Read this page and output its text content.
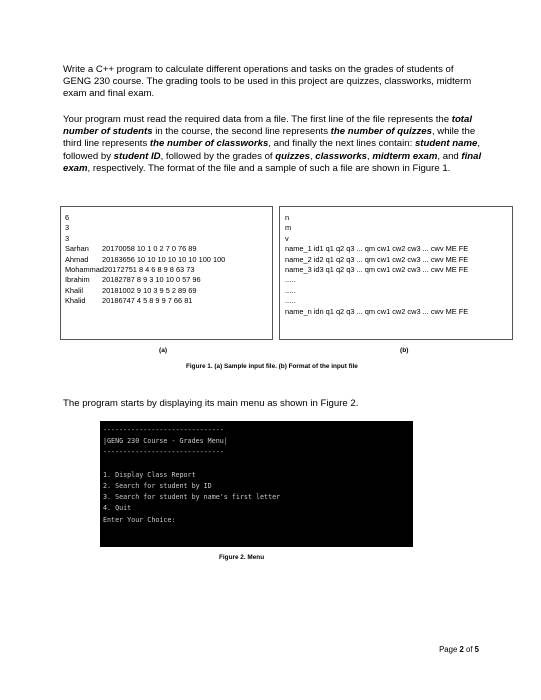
Write a C++ program to calculate different operations and tasks on the grades of students of GENG 230 course. The grading tools to be used in this project are quizzes, classworks, midterm exam and final exam.

Your program must read the required data from a file. The first line of the file represents the total number of students in the course, the second line represents the number of quizzes, while the third line represents the number of classworks, and finally the next lines contain: student name, followed by student ID, followed by the grades of quizzes, classworks, midterm exam, and final exam, respectively. The format of the file and a sample of such a file are shown in Figure 1.

6
3
3
Sarhan	20170058 10 1 0 2 7 0 76 89
Ahmad	20183656 10 10 10 10 10 10 100 100
Mohammad 20172751 8 4 6 8 9 8 63 73
Ibrahim	20182787 8 9 3 10 10 0 57 96
Khalil	20181002 9 10 3 9 5 2 89 69
Khalid	20186747 4 5 8 9 9 7 66 81
n
m
v
name_1 id1 q1 q2 q3 ... qm cw1 cw2 cw3 ... cwv ME FE
name_2 id2 q1 q2 q3 ... qm cw1 cw2 cw3 ... cwv ME FE
name_3 id3 q1 q2 q3 ... qm cw1 cw2 cw3 ... cwv ME FE
.....
.....
.....
name_n idn q1 q2 q3 ... qm cw1 cw2 cw3 ... cwv ME FE
(a)	(b)
Figure 1. (a) Sample input file. (b) Format of the input file

The program starts by displaying its main menu as shown in Figure 2.

------------------------------
|GENG 230 Course - Grades Menu|
------------------------------

1. Display Class Report
2. Search for student by ID
3. Search for student by name's first letter
4. Quit
Enter Your Choice:
Figure 2. Menu
Page 2 of 5
